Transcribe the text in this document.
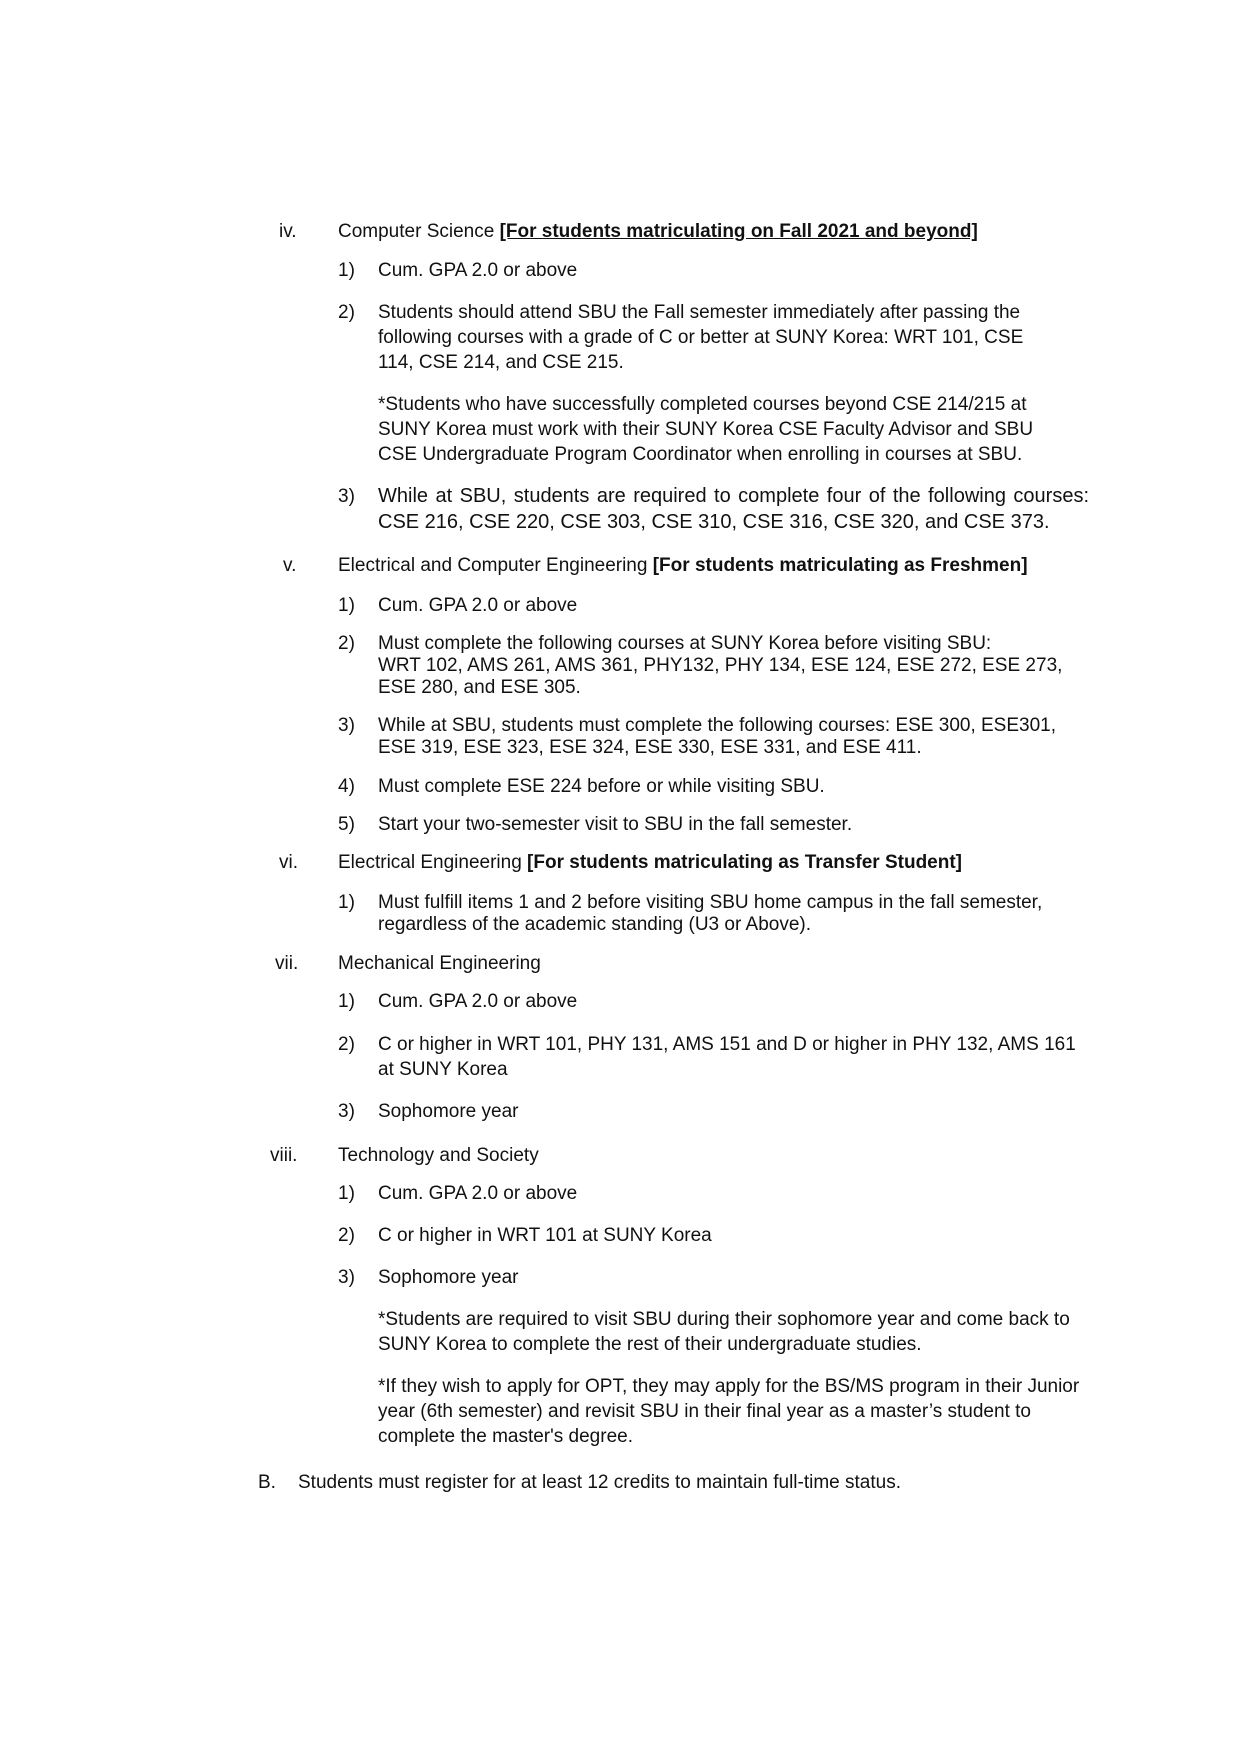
iv. Computer Science [For students matriculating on Fall 2021 and beyond]
1) Cum. GPA 2.0 or above
2) Students should attend SBU the Fall semester immediately after passing the
following courses with a grade of C or better at SUNY Korea: WRT 101, CSE
114, CSE 214, and CSE 215.
*Students who have successfully completed courses beyond CSE 214/215 at
SUNY Korea must work with their SUNY Korea CSE Faculty Advisor and SBU
CSE Undergraduate Program Coordinator when enrolling in courses at SBU.
3) While at SBU, students are required to complete four of the following courses:
CSE 216, CSE 220, CSE 303, CSE 310, CSE 316, CSE 320, and CSE 373.
v. Electrical and Computer Engineering [For students matriculating as Freshmen]
1) Cum. GPA 2.0 or above
2) Must complete the following courses at SUNY Korea before visiting SBU:
WRT 102, AMS 261, AMS 361, PHY132, PHY 134, ESE 124, ESE 272, ESE 273,
ESE 280, and ESE 305.
3) While at SBU, students must complete the following courses: ESE 300, ESE301,
ESE 319, ESE 323, ESE 324, ESE 330, ESE 331, and ESE 411.
4) Must complete ESE 224 before or while visiting SBU.
5) Start your two-semester visit to SBU in the fall semester.
vi. Electrical Engineering [For students matriculating as Transfer Student]
1) Must fulfill items 1 and 2 before visiting SBU home campus in the fall semester,
regardless of the academic standing (U3 or Above).
vii. Mechanical Engineering
1) Cum. GPA 2.0 or above
2) C or higher in WRT 101, PHY 131, AMS 151 and D or higher in PHY 132, AMS 161
at SUNY Korea
3) Sophomore year
viii. Technology and Society
1) Cum. GPA 2.0 or above
2) C or higher in WRT 101 at SUNY Korea
3) Sophomore year
*Students are required to visit SBU during their sophomore year and come back to
SUNY Korea to complete the rest of their undergraduate studies.
*If they wish to apply for OPT, they may apply for the BS/MS program in their Junior
year (6th semester) and revisit SBU in their final year as a master’s student to
complete the master's degree.
B. Students must register for at least 12 credits to maintain full-time status.
